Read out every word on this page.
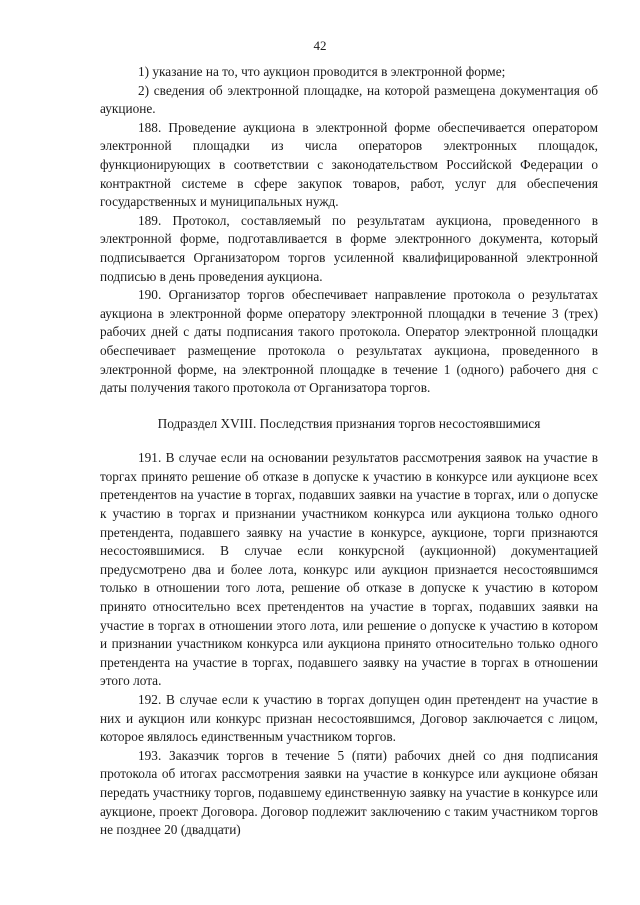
42

1) указание на то, что аукцион проводится в электронной форме;

2) сведения об электронной площадке, на которой размещена документация об аукционе.

188. Проведение аукциона в электронной форме обеспечивается оператором электронной площадки из числа операторов электронных площадок, функционирующих в соответствии с законодательством Российской Федерации о контрактной системе в сфере закупок товаров, работ, услуг для обеспечения государственных и муниципальных нужд.

189. Протокол, составляемый по результатам аукциона, проведенного в электронной форме, подготавливается в форме электронного документа, который подписывается Организатором торгов усиленной квалифицированной электронной подписью в день проведения аукциона.

190. Организатор торгов обеспечивает направление протокола о результатах аукциона в электронной форме оператору электронной площадки в течение 3 (трех) рабочих дней с даты подписания такого протокола. Оператор электронной площадки обеспечивает размещение протокола о результатах аукциона, проведенного в электронной форме, на электронной площадке в течение 1 (одного) рабочего дня с даты получения такого протокола от Организатора торгов.

Подраздел XVIII. Последствия признания торгов несостоявшимися

191. В случае если на основании результатов рассмотрения заявок на участие в торгах принято решение об отказе в допуске к участию в конкурсе или аукционе всех претендентов на участие в торгах, подавших заявки на участие в торгах, или о допуске к участию в торгах и признании участником конкурса или аукциона только одного претендента, подавшего заявку на участие в конкурсе, аукционе, торги признаются несостоявшимися. В случае если конкурсной (аукционной) документацией предусмотрено два и более лота, конкурс или аукцион признается несостоявшимся только в отношении того лота, решение об отказе в допуске к участию в котором принято относительно всех претендентов на участие в торгах, подавших заявки на участие в торгах в отношении этого лота, или решение о допуске к участию в котором и признании участником конкурса или аукциона принято относительно только одного претендента на участие в торгах, подавшего заявку на участие в торгах в отношении этого лота.

192. В случае если к участию в торгах допущен один претендент на участие в них и аукцион или конкурс признан несостоявшимся, Договор заключается с лицом, которое являлось единственным участником торгов.

193. Заказчик торгов в течение 5 (пяти) рабочих дней со дня подписания протокола об итогах рассмотрения заявки на участие в конкурсе или аукционе обязан передать участнику торгов, подавшему единственную заявку на участие в конкурсе или аукционе, проект Договора. Договор подлежит заключению с таким участником торгов не позднее 20 (двадцати)
